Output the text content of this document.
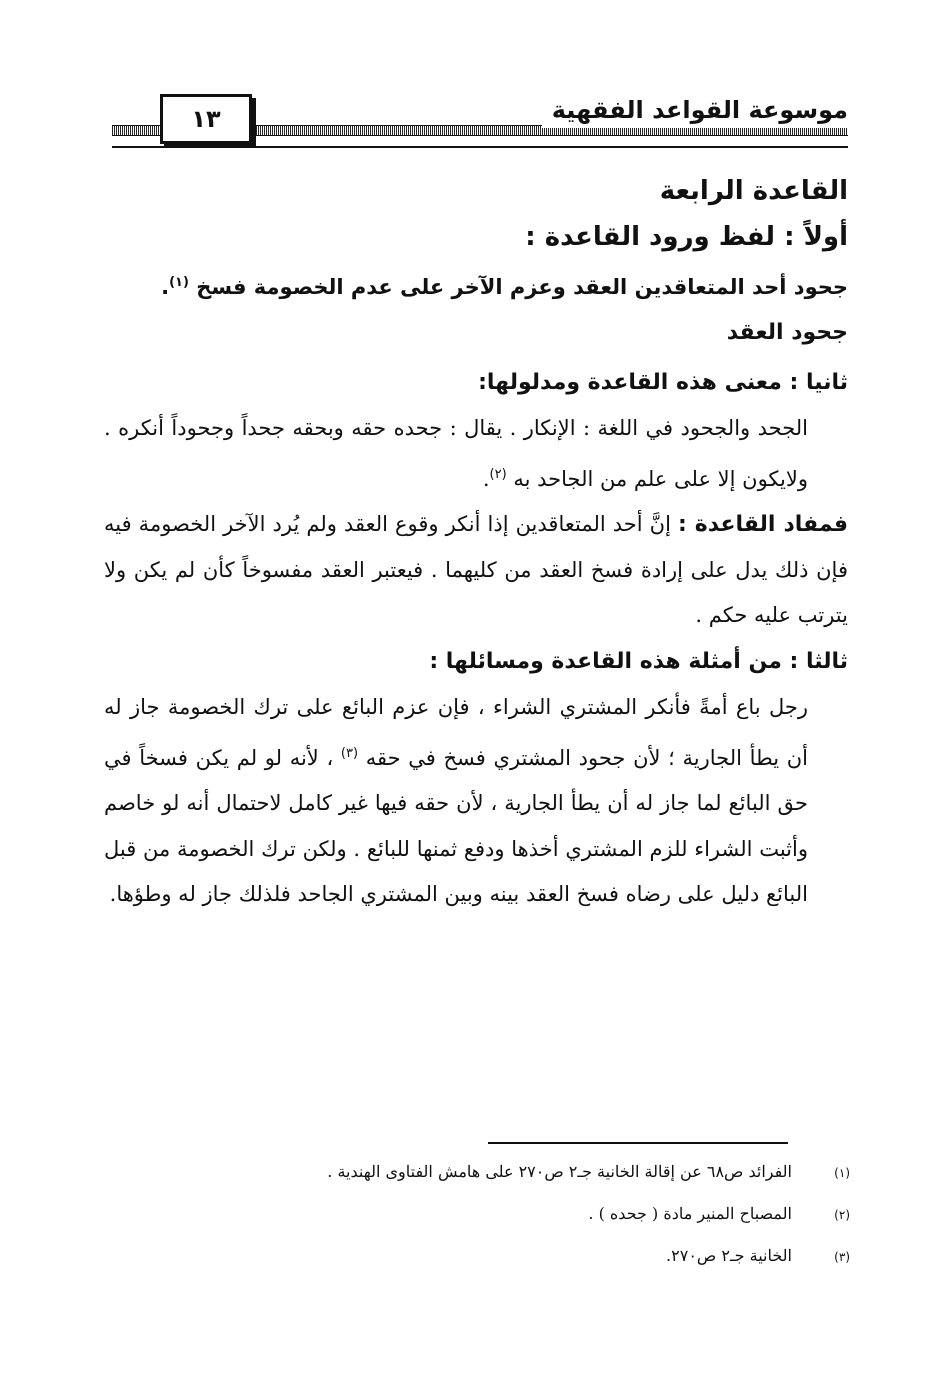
١٣	موسوعة القواعد الفقهية
القاعدة الرابعة
أولاً : لفظ ورود القاعدة :
جحود أحد المتعاقدين العقد وعزم الآخر على عدم الخصومة فسخ $^{(١)}$.
جحود العقد
ثانيا : معنى هذه القاعدة ومدلولها:

الجحد والجحود في اللغة : الإنكار . يقال : جحده حقه وبحقه جحداً وجحوداً أنكره . ولايكون إلا على علم من الجاحد به $^{(٢)}$.

فمفاد القاعدة : إنَّ أحد المتعاقدين إذا أنكر وقوع العقد ولم يُرد الآخر الخصومة فيه فإن ذلك يدل على إرادة فسخ العقد من كليهما . فيعتبر العقد مفسوخاً كأن لم يكن ولا يترتب عليه حكم .

ثالثا : من أمثلة هذه القاعدة ومسائلها :

رجل باع أمةً فأنكر المشتري الشراء ، فإن عزم البائع على ترك الخصومة جاز له أن يطأ الجارية ؛ لأن جحود المشتري فسخ في حقه $^{(٣)}$ ، لأنه لو لم يكن فسخاً في حق البائع لما جاز له أن يطأ الجارية ، لأن حقه فيها غير كامل لاحتمال أنه لو خاصم وأثبت الشراء للزم المشتري أخذها ودفع ثمنها للبائع . ولكن ترك الخصومة من قبل البائع دليل على رضاه فسخ العقد بينه وبين المشتري الجاحد فلذلك جاز له وطؤها.

(١)
الفرائد ص٦٨ عن إقالة الخانية جـ٢ ص٢٧٠ على هامش الفتاوى الهندية .
(٢)
المصباح المنير مادة ( جحده ) .
(٣)
الخانية جـ٢ ص٢٧٠.
